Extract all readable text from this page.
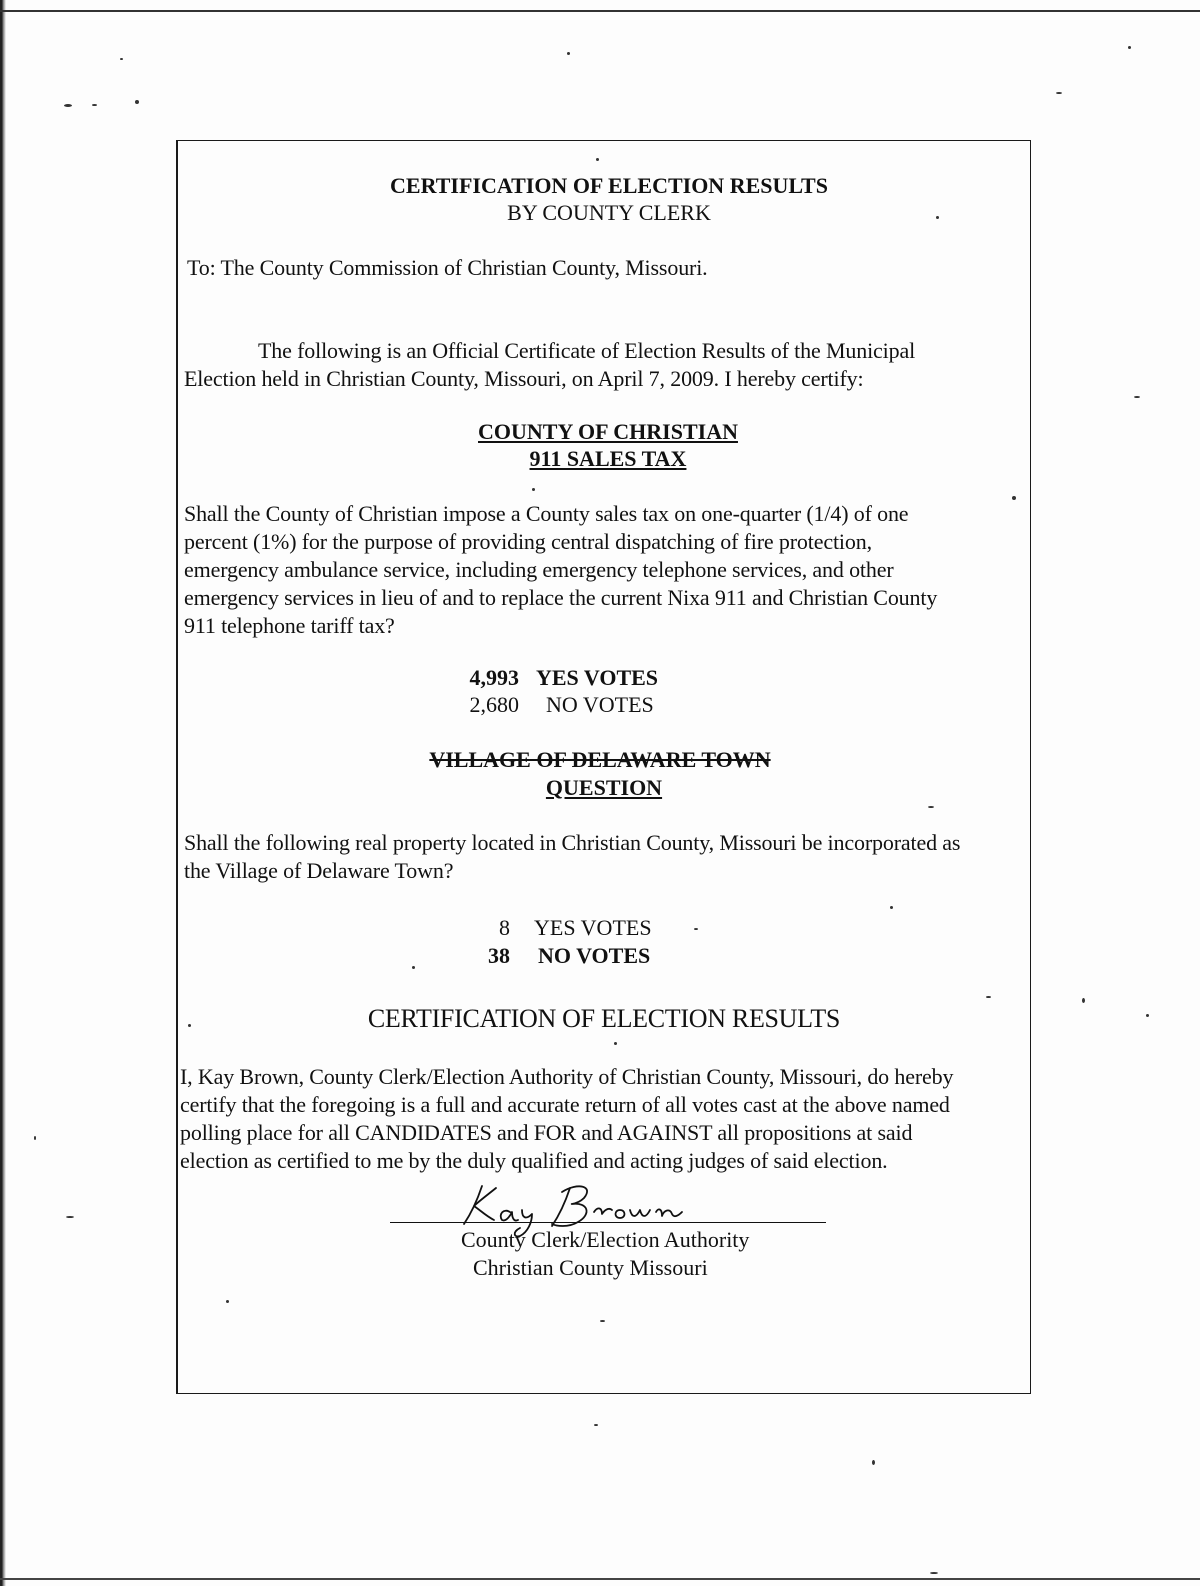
CERTIFICATION OF ELECTION RESULTS
BY COUNTY CLERK
To: The County Commission of Christian County, Missouri.
The following is an Official Certificate of Election Results of the Municipal
Election held in Christian County, Missouri, on April 7, 2009. I hereby certify:
COUNTY OF CHRISTIAN
911 SALES TAX
Shall the County of Christian impose a County sales tax on one-quarter (1/4) of one
percent (1%) for the purpose of providing central dispatching of fire protection,
emergency ambulance service, including emergency telephone services, and other
emergency services in lieu of and to replace the current Nixa 911 and Christian County
911 telephone tariff tax?
4,993 YES VOTES
2,680 NO VOTES
VILLAGE OF DELAWARE TOWN
QUESTION
Shall the following real property located in Christian County, Missouri be incorporated as
the Village of Delaware Town?
8 YES VOTES
38 NO VOTES
CERTIFICATION OF ELECTION RESULTS
I, Kay Brown, County Clerk/Election Authority of Christian County, Missouri, do hereby
certify that the foregoing is a full and accurate return of all votes cast at the above named
polling place for all CANDIDATES and FOR and AGAINST all propositions at said
election as certified to me by the duly qualified and acting judges of said election.
County Clerk/Election Authority
Christian County Missouri
